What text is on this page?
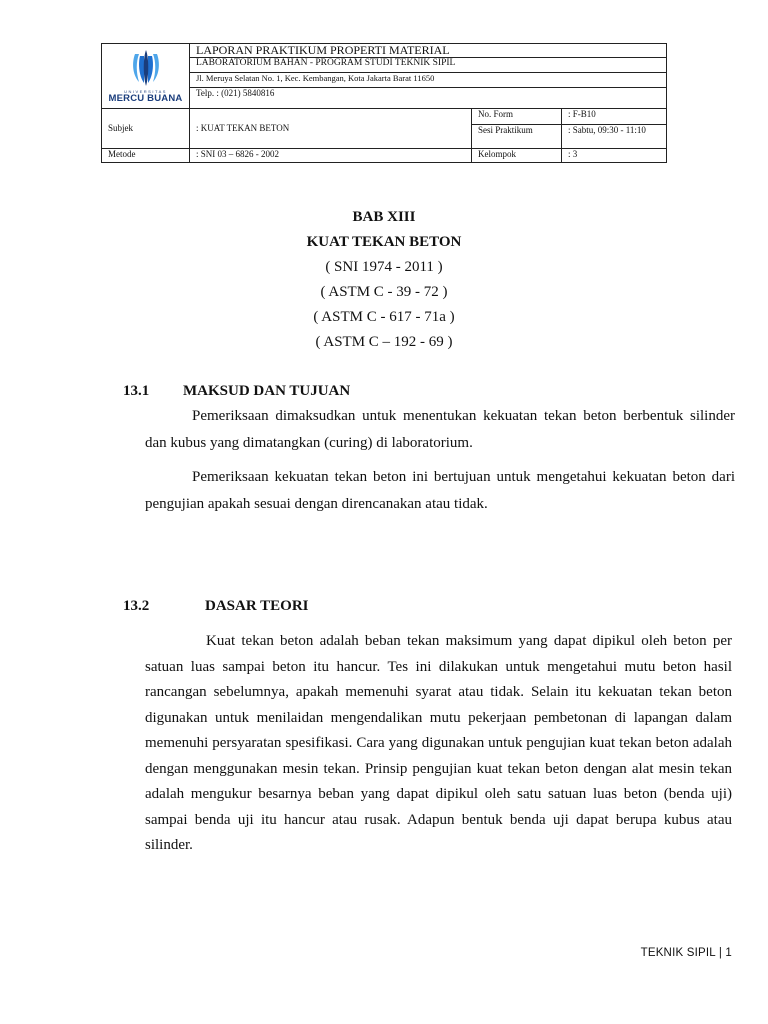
UNIVERSITAS
MERCU BUANA	LAPORAN PRAKTIKUM PROPERTI MATERIAL		
	LABORATORIUM BAHAN - PROGRAM STUDI TEKNIK SIPIL		
	Jl. Meruya Selatan No. 1, Kec. Kembangan, Kota Jakarta Barat 11650		
	Telp. : (021) 5840816		
Subjek	: KUAT TEKAN BETON	No. Form	: F-B10
		Sesi Praktikum	: Sabtu, 09:30 - 11:10
Metode	: SNI 03 – 6826 - 2002	Kelompok	: 3
BAB XIII
KUAT TEKAN BETON
( SNI 1974 - 2011 )
( ASTM C - 39 - 72 )
( ASTM C - 617 - 71a )
( ASTM C – 192 - 69 )
13.1 MAKSUD DAN TUJUAN
Pemeriksaan dimaksudkan untuk menentukan kekuatan tekan beton berbentuk silinder dan kubus yang dimatangkan (curing) di laboratorium.
Pemeriksaan kekuatan tekan beton ini bertujuan untuk mengetahui kekuatan beton dari pengujian apakah sesuai dengan direncanakan atau tidak.
13.2	DASAR TEORI
Kuat tekan beton adalah beban tekan maksimum yang dapat dipikul oleh beton per satuan luas sampai beton itu hancur. Tes ini dilakukan untuk mengetahui mutu beton hasil rancangan sebelumnya, apakah memenuhi syarat atau tidak. Selain itu kekuatan tekan beton digunakan untuk menilaidan mengendalikan mutu pekerjaan pembetonan di lapangan dalam memenuhi persyaratan spesifikasi. Cara yang digunakan untuk pengujian kuat tekan beton adalah dengan menggunakan mesin tekan. Prinsip pengujian kuat tekan beton dengan alat mesin tekan adalah mengukur besarnya beban yang dapat dipikul oleh satu satuan luas beton (benda uji) sampai benda uji itu hancur atau rusak. Adapun bentuk benda uji dapat berupa kubus atau silinder.
TEKNIK SIPIL | 1
